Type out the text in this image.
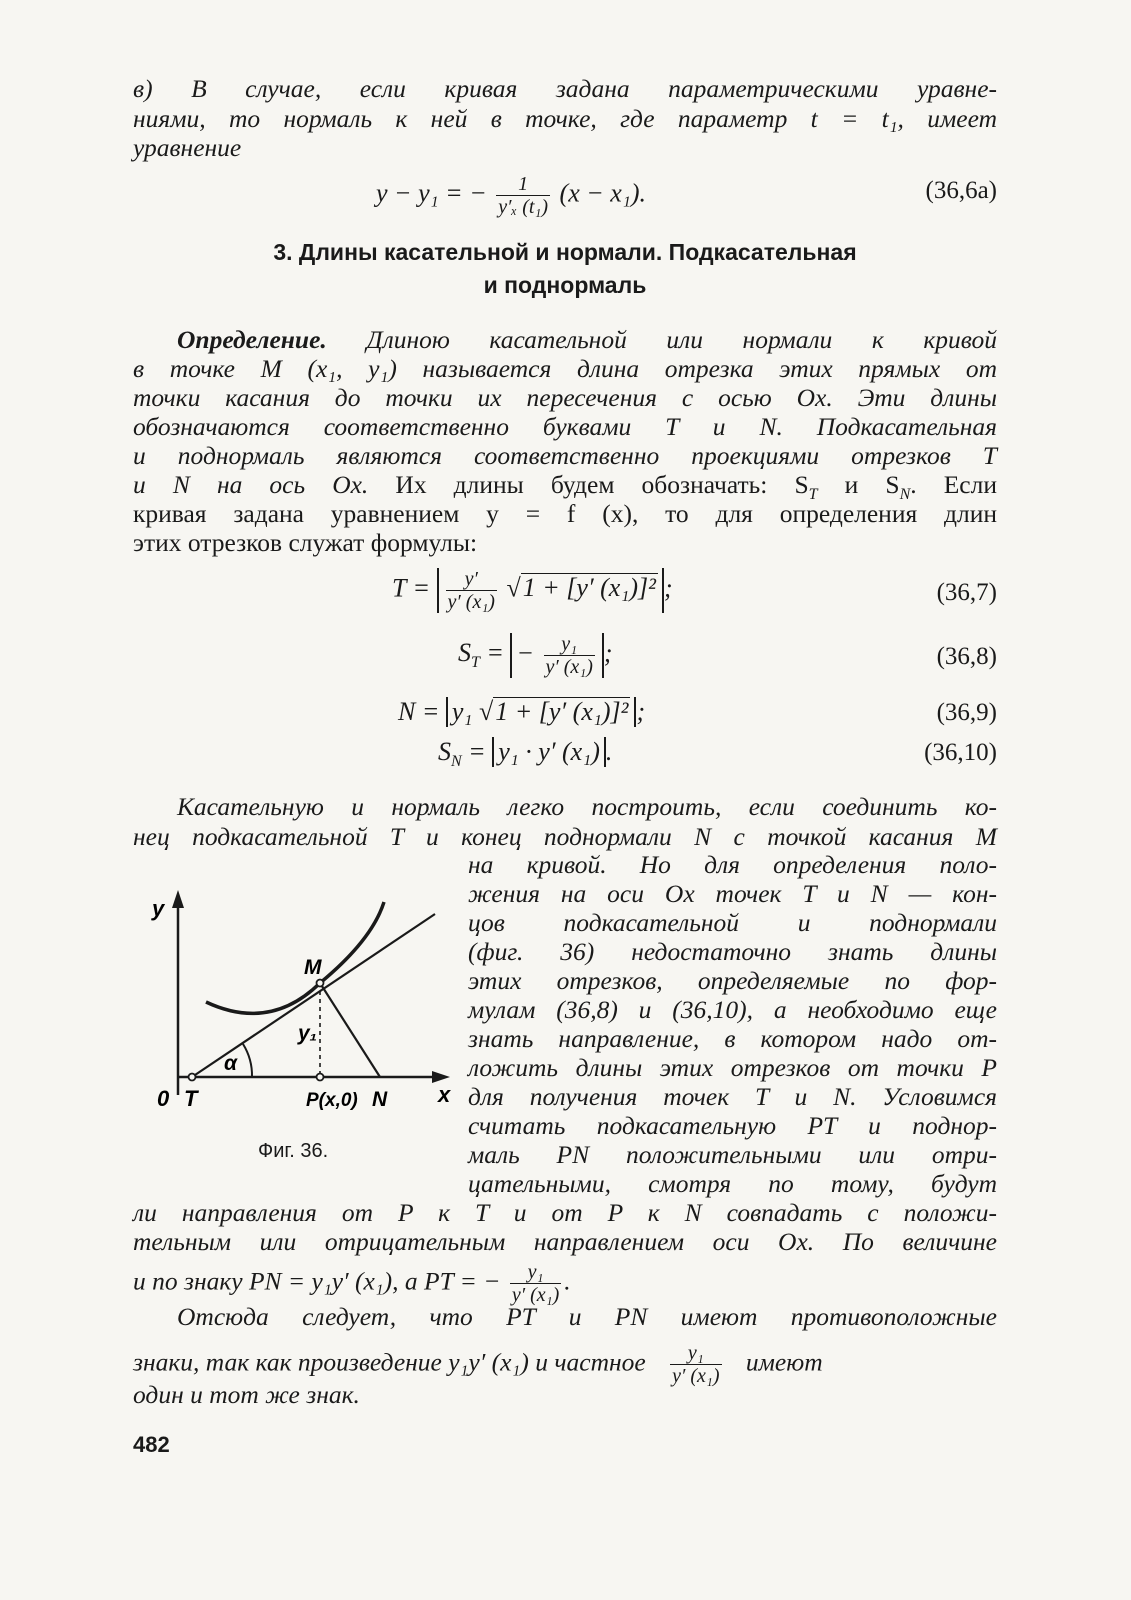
в) В случае, если кривая задана параметрическими уравне-
ниями, то нормаль к ней в точке, где параметр t = t₁, имеет
уравнение
y − y₁ = − $\frac{1}{\text{y′ₓ (t₁)}} (x - x_1)$.	(36,6а)
3. Длины касательной и нормали. Подкасательная
и поднормаль
Определение. Длиною касательной или нормали к кривой
в точке M (x₁, y₁) называется длина отрезка этих прямых от
точки касания до точки их пересечения с осью Ox. Эти длины
обозначаются соответственно буквами T и N. Подкасательная
и поднормаль являются соответственно проекциями отрезков T
и N на ось Ox. Их длины будем обозначать: $S_T$ и $S_N$. Если
кривая задана уравнением y = f (x), то для определения длин
этих отрезков служат формулы:
$T = \frac{y'}{\text{y′ (x₁)}} √1 + [y'$ (x₁)]² ;	(36,7)
$S_T$ = − $\frac{\text{y₁}}{\text{y′ (x₁)}}$ ;	(36,8)
N = y₁ √1 + [y′ (x₁)]² ;	(36,9)
$S_N = y_1 \cdot y'$ (x₁) .	(36,10)
Касательную и нормаль легко построить, если соединить ко-
нец подкасательной T и конец поднормали N с точкой касания M
на кривой. Но для определения поло-
жения на оси Ox точек T и N — кон-
цов подкасательной и поднормали
(фиг. 36) недостаточно знать длины
этих отрезков, определяемые по фор-
мулам (36,8) и (36,10), а необходимо еще
знать направление, в котором надо от-
ложить длины этих отрезков от точки P
для получения точек T и N. Условимся
считать подкасательную PT и поднор-
маль PN положительными или отри-
цательными, смотря по тому, будут
ли направления от P к T и от P к N совпадать с положи-
тельным или отрицательным направлением оси Ox. По величине
и по знаку PN = y₁y′ (x₁), а PT = − $\frac{\text{y₁}}{\text{y′ (x₁)}}$ .
Отсюда следует, что PT и PN имеют противоположные
знаки, так как произведение y₁y′ (x₁) и частное $\frac{\text{y₁}}{\text{y′ (x₁)}}$ имеют
один и тот же знак.
y
x
0 T
M
y₁
α
P(x,0) N
Фиг. 36.
482
